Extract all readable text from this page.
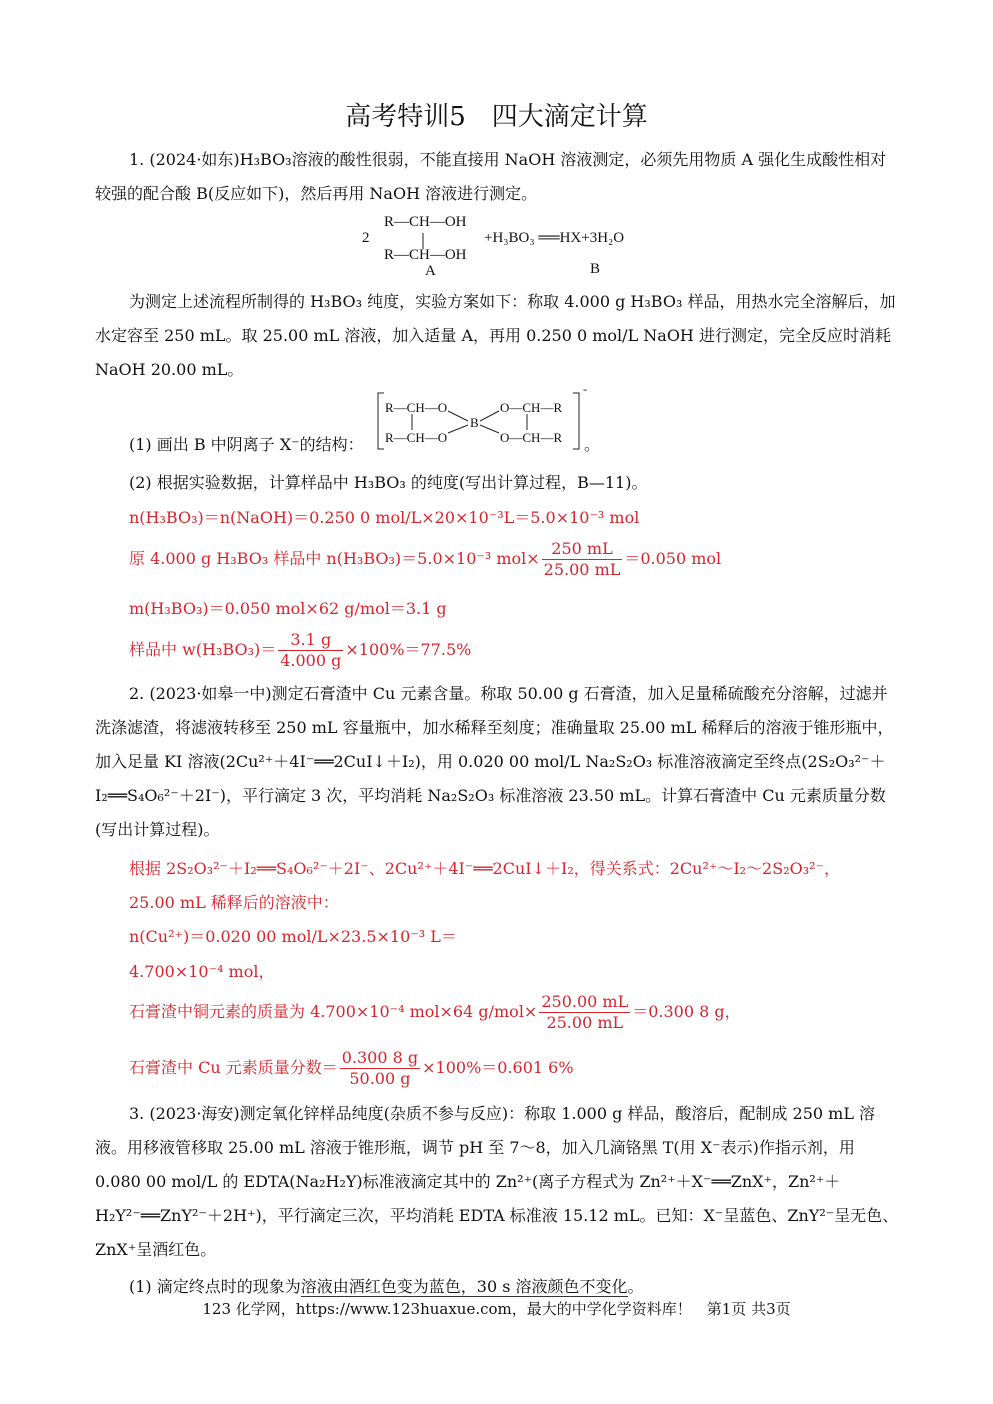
高考特训5　四大滴定计算

1. (2024·如东)H₃BO₃溶液的酸性很弱，不能直接用 NaOH 溶液测定，必须先用物质 A 强化生成酸性相对较强的配合酸 B(反应如下)，然后再用 NaOH 溶液进行测定。

2
R—CH—OH
R—CH—OH
A
+H₃BO₃ ══HX+3H₂O
B

为测定上述流程所制得的 H₃BO₃ 纯度，实验方案如下：称取 4.000 g H₃BO₃ 样品，用热水完全溶解后，加水定容至 250 mL。取 25.00 mL 溶液，加入适量 A，再用 0.250 0 mol/L NaOH 进行测定，完全反应时消耗 NaOH 20.00 mL。

(1) 画出 B 中阴离子 X⁻的结构：
R—CH—O
R—CH—O
B
O—CH—R
O—CH—R
-
。
(2) 根据实验数据，计算样品中 H₃BO₃ 的纯度(写出计算过程，B—11)。
n(H₃BO₃)＝n(NaOH)＝0.250 0 mol/L×20×10⁻³L＝5.0×10⁻³ mol
原 4.000 g H₃BO₃ 样品中 n(H₃BO₃)＝5.0×10⁻³ $mol\times \frac{250 mL}{25.00 mL} =0.050$ mol
m(H₃BO₃)＝0.050 mol×62 g/mol＝3.1 g
样品中 $w(H_3BO_3)= \frac{3.1 g}{4.000 g} \times 100\%=77.5\%$

2. (2023·如皋一中)测定石膏渣中 Cu 元素含量。称取 50.00 g 石膏渣，加入足量稀硫酸充分溶解，过滤并洗涤滤渣，将滤液转移至 250 mL 容量瓶中，加水稀释至刻度；准确量取 25.00 mL 稀释后的溶液于锥形瓶中，加入足量 KI 溶液(2Cu²⁺＋4I⁻══2CuI↓＋I₂)，用 0.020 00 mol/L Na₂S₂O₃ 标准溶液滴定至终点(2S₂O₃²⁻＋I₂══S₄O₆²⁻＋2I⁻)，平行滴定 3 次，平均消耗 Na₂S₂O₃ 标准溶液 23.50 mL。计算石膏渣中 Cu 元素质量分数(写出计算过程)。

根据 2S₂O₃²⁻＋I₂══S₄O₆²⁻＋2I⁻、2Cu²⁺＋4I⁻══2CuI↓＋I₂，得关系式：2Cu²⁺～I₂～2S₂O₃²⁻，
25.00 mL 稀释后的溶液中：
n(Cu²⁺)＝0.020 00 mol/L×23.5×10⁻³ L＝
4.700×10⁻⁴ mol，
石膏渣中铜元素的质量为 4.700×10⁻⁴ mol×64 $g/mol\times \frac{250.00 mL}{25.00 mL} =0.300$ 8 g，
石膏渣中 Cu 元素质量分数＝ $\frac{0.300 8 g}{50.00 g} \times 100\%=0.601$ 6%

3. (2023·海安)测定氧化锌样品纯度(杂质不参与反应)：称取 1.000 g 样品，酸溶后，配制成 250 mL 溶液。用移液管移取 25.00 mL 溶液于锥形瓶，调节 pH 至 7～8，加入几滴铬黑 T(用 X⁻表示)作指示剂，用 0.080 00 mol/L 的 EDTA(Na₂H₂Y)标准液滴定其中的 Zn²⁺(离子方程式为 Zn²⁺＋X⁻══ZnX⁺，Zn²⁺＋H₂Y²⁻══ZnY²⁻＋2H⁺)，平行滴定三次，平均消耗 EDTA 标准液 15.12 mL。已知：X⁻呈蓝色、ZnY²⁻呈无色、ZnX⁺呈酒红色。

(1) 滴定终点时的现象为溶液由酒红色变为蓝色，30 s 溶液颜色不变化。
123 化学网，https://www.123huaxue.com，最大的中学化学资料库！　第1页 共3页
